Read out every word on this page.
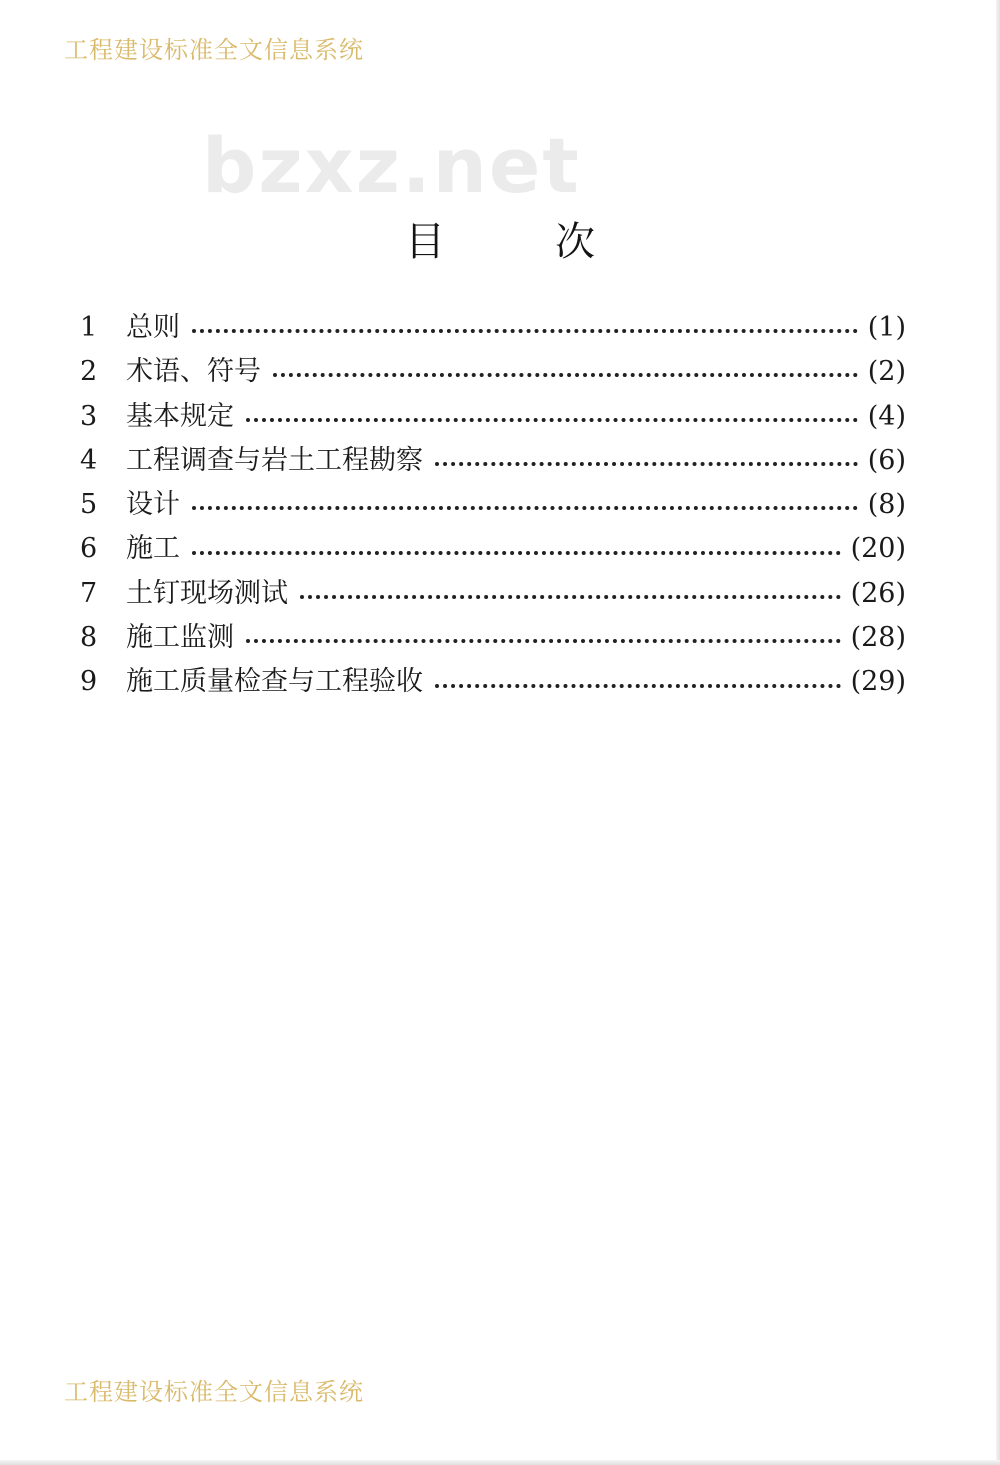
工程建设标准全文信息系统
bzxz.net
目	次
1	总则	(1)
2	术语、符号	(2)
3	基本规定	(4)
4	工程调查与岩土工程勘察	(6)
5	设计	(8)
6	施工	(20)
7	土钉现场测试	(26)
8	施工监测	(28)
9	施工质量检查与工程验收	(29)
工程建设标准全文信息系统
